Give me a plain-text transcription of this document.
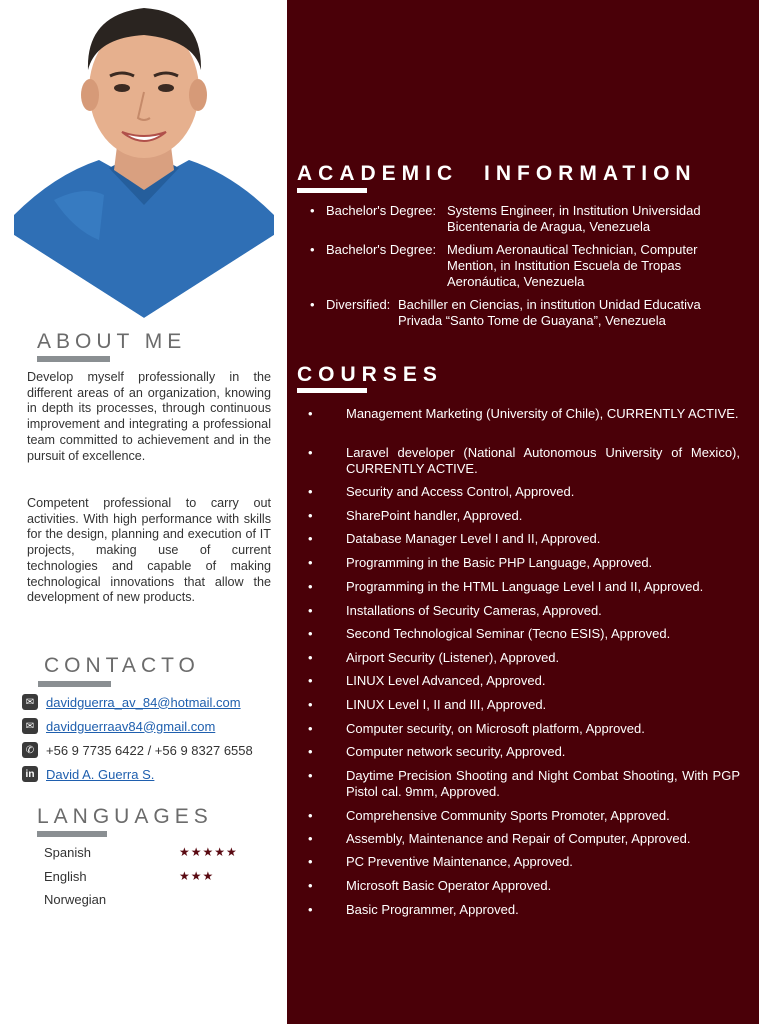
ABOUT ME
Develop myself professionally in the different areas of an organization, knowing in depth its processes, through continuous improvement and integrating a professional team committed to achievement and in the pursuit of excellence.
Competent professional to carry out activities. With high performance with skills for the design, planning and execution of IT projects, making use of current technologies and capable of making technological innovations that allow the development of new products.
CONTACTO
✉ davidguerra_av_84@hotmail.com
✉ davidguerraav84@gmail.com
✆ +56 9 7735 6422 / +56 9 8327 6558
in David A. Guerra S.
LANGUAGES
Spanish	★★★★★
English	★★★
Norwegian
ACADEMIC INFORMATION
• Bachelor's Degree: Systems Engineer, in Institution Universidad Bicentenaria de Aragua, Venezuela
• Bachelor's Degree: Medium Aeronautical Technician, Computer Mention, in Institution Escuela de Tropas Aeronáutica, Venezuela
• Diversified: Bachiller en Ciencias, in institution Unidad Educativa Privada “Santo Tome de Guayana”, Venezuela
COURSES
•	Management Marketing (University of Chile), CURRENTLY ACTIVE.
•	Laravel developer (National Autonomous University of Mexico), CURRENTLY ACTIVE.
•	Security and Access Control, Approved.
•	SharePoint handler, Approved.
•	Database Manager Level I and II, Approved.
•	Programming in the Basic PHP Language, Approved.
•	Programming in the HTML Language Level I and II, Approved.
•	Installations of Security Cameras, Approved.
•	Second Technological Seminar (Tecno ESIS), Approved.
•	Airport Security (Listener), Approved.
•	LINUX Level Advanced, Approved.
•	LINUX Level I, II and III, Approved.
•	Computer security, on Microsoft platform, Approved.
•	Computer network security, Approved.
•	Daytime Precision Shooting and Night Combat Shooting, With PGP Pistol cal. 9mm, Approved.
•	Comprehensive Community Sports Promoter, Approved.
•	Assembly, Maintenance and Repair of Computer, Approved.
•	PC Preventive Maintenance, Approved.
•	Microsoft Basic Operator Approved.
•	Basic Programmer, Approved.
